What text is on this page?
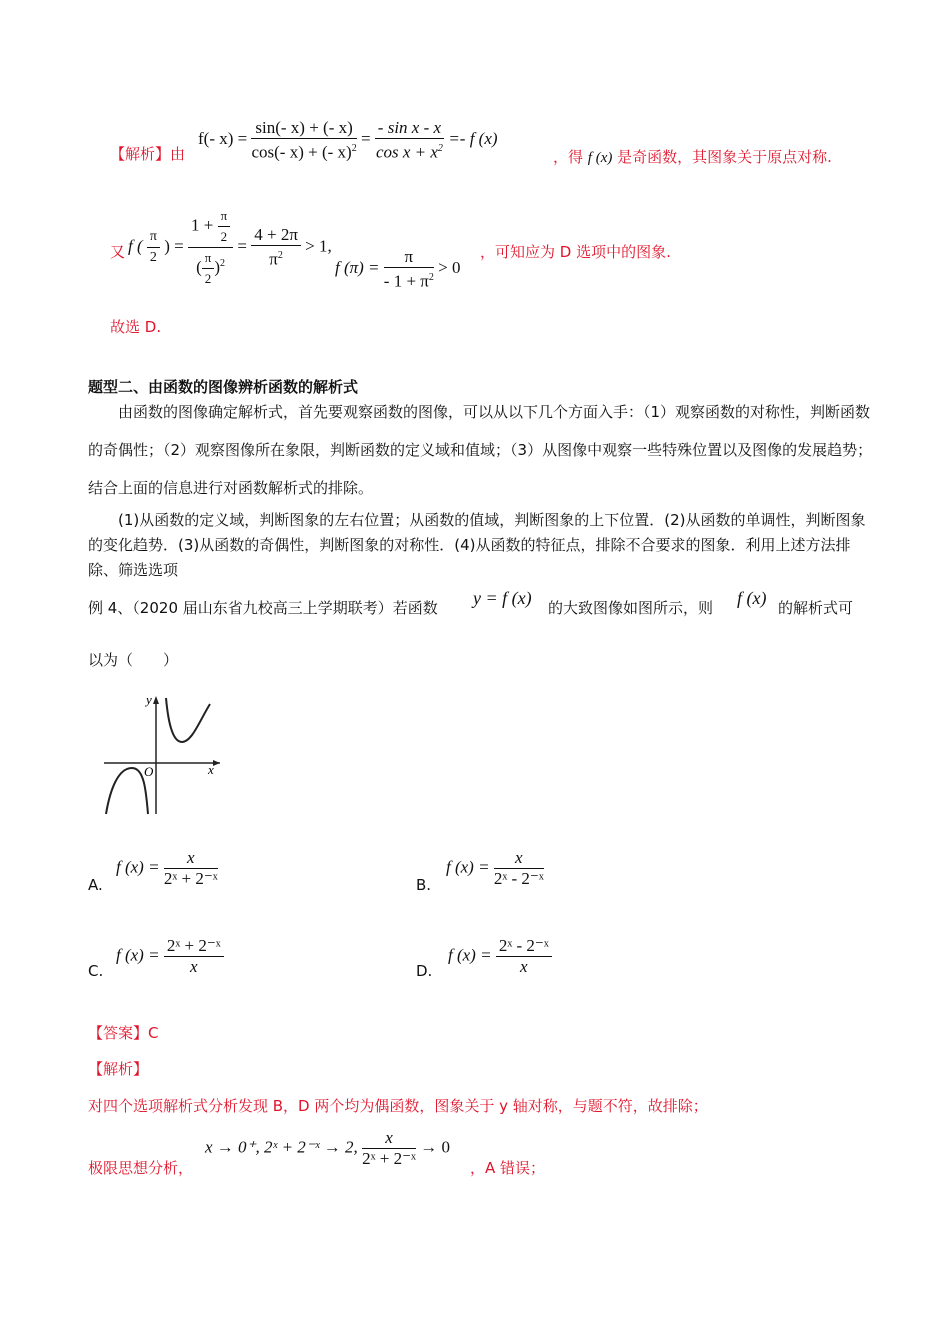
【解析】由
f(- $x) = \frac{\sin(- x) + (- x)}{\cos(- x) + (- x)^2} = \frac{\text{- sin x - x}}{\cos x + x^2} =- f$ (x)
，得 f (x) 是奇函数，其图象关于原点对称.
又 f ( $\frac{\pi}{2}$ ) = $\frac{1 + \frac{\pi}{2}}{( \frac{\pi}{2} )^2} = \frac{4 + 2\pi}{\pi^2} > 1$,
f $(\pi) = \frac{\pi}{- 1 + \pi^2} > 0$
，可知应为 D 选项中的图象.
故选 D.
题型二、由函数的图像辨析函数的解析式
由函数的图像确定解析式，首先要观察函数的图像，可以从以下几个方面入手：（1）观察函数的对称性，判断函数的奇偶性；（2）观察图像所在象限，判断函数的定义域和值域；（3）从图像中观察一些特殊位置以及图像的发展趋势；结合上面的信息进行对函数解析式的排除。
(1)从函数的定义域，判断图象的左右位置；从函数的值域，判断图象的上下位置．(2)从函数的单调性，判断图象的变化趋势．(3)从函数的奇偶性，判断图象的对称性．(4)从函数的特征点，排除不合要求的图象．利用上述方法排除、筛选选项
例 4、（2020 届山东省九校高三上学期联考）若函数 y = f (x) 的大致图像如图所示，则 f (x) 的解析式可
以为（　　）
y
x
O
A.
f $(x) = \frac{x}{\text{2ˣ + 2⁻ˣ}}$	B.
f $(x) = \frac{x}{\text{2ˣ - 2⁻ˣ}}$
C.
f $(x) = \frac{\text{2ˣ + 2⁻ˣ}}{x}$	D.
f $(x) = \frac{\text{2ˣ - 2⁻ˣ}}{x}$
【答案】C
【解析】
对四个选项解析式分析发现 B，D 两个均为偶函数，图象关于 y 轴对称，与题不符，故排除；
极限思想分析，
x → 0⁺, 2ˣ + 2⁻ˣ → 2, $\frac{x}{\text{2ˣ + 2⁻ˣ}} \to 0$
，A 错误；
